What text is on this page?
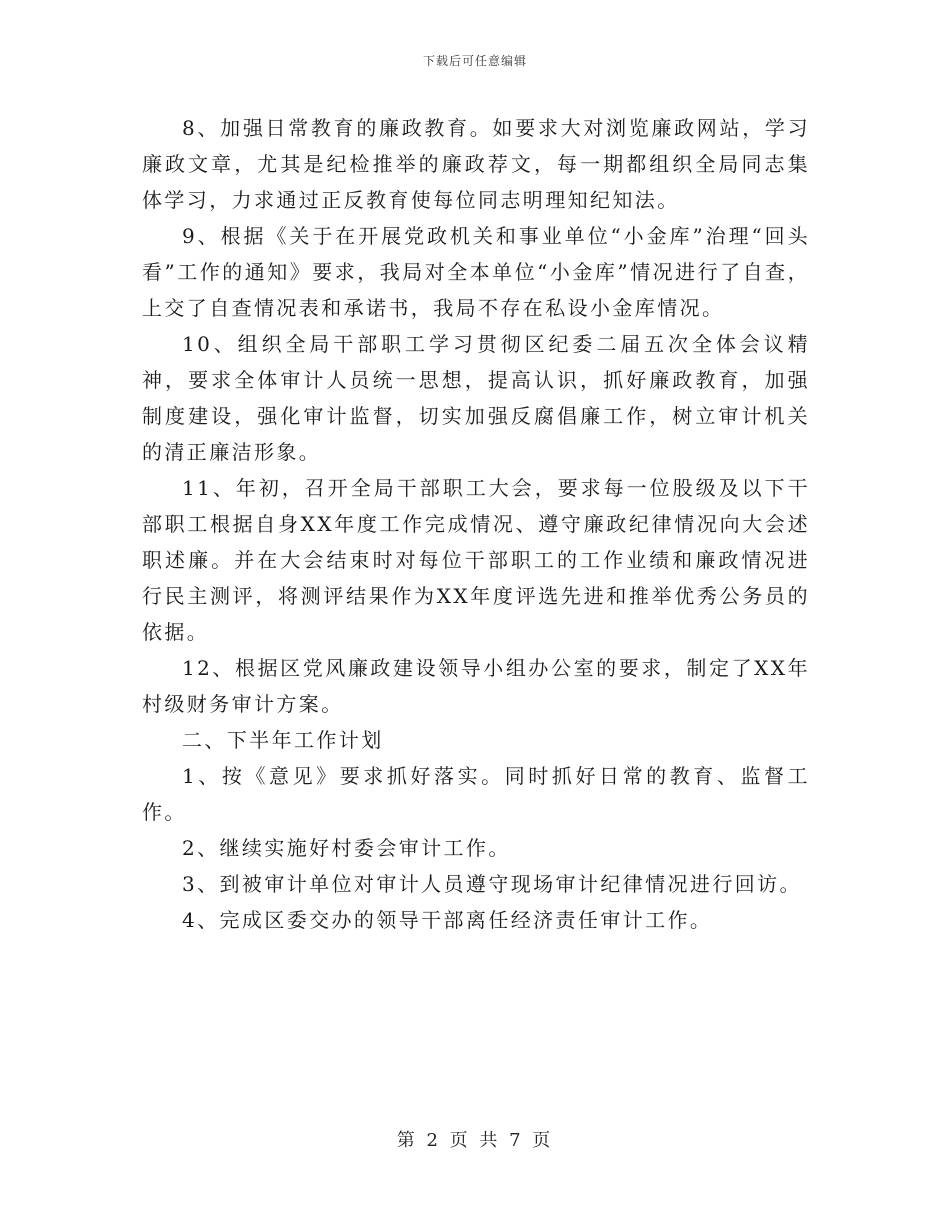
下载后可任意编辑

8、加强日常教育的廉政教育。如要求大对浏览廉政网站，学习廉政文章，尤其是纪检推举的廉政荐文，每一期都组织全局同志集体学习，力求通过正反教育使每位同志明理知纪知法。

9、根据《关于在开展党政机关和事业单位“小金库”治理“回头看”工作的通知》要求，我局对全本单位“小金库”情况进行了自查，上交了自查情况表和承诺书，我局不存在私设小金库情况。

10、组织全局干部职工学习贯彻区纪委二届五次全体会议精神，要求全体审计人员统一思想，提高认识，抓好廉政教育，加强制度建设，强化审计监督，切实加强反腐倡廉工作，树立审计机关的清正廉洁形象。

11、年初，召开全局干部职工大会，要求每一位股级及以下干部职工根据自身XX年度工作完成情况、遵守廉政纪律情况向大会述职述廉。并在大会结束时对每位干部职工的工作业绩和廉政情况进行民主测评，将测评结果作为XX年度评选先进和推举优秀公务员的依据。

12、根据区党风廉政建设领导小组办公室的要求，制定了XX年村级财务审计方案。

二、下半年工作计划

1、按《意见》要求抓好落实。同时抓好日常的教育、监督工作。

2、继续实施好村委会审计工作。

3、到被审计单位对审计人员遵守现场审计纪律情况进行回访。

4、完成区委交办的领导干部离任经济责任审计工作。

第 2 页 共 7 页
